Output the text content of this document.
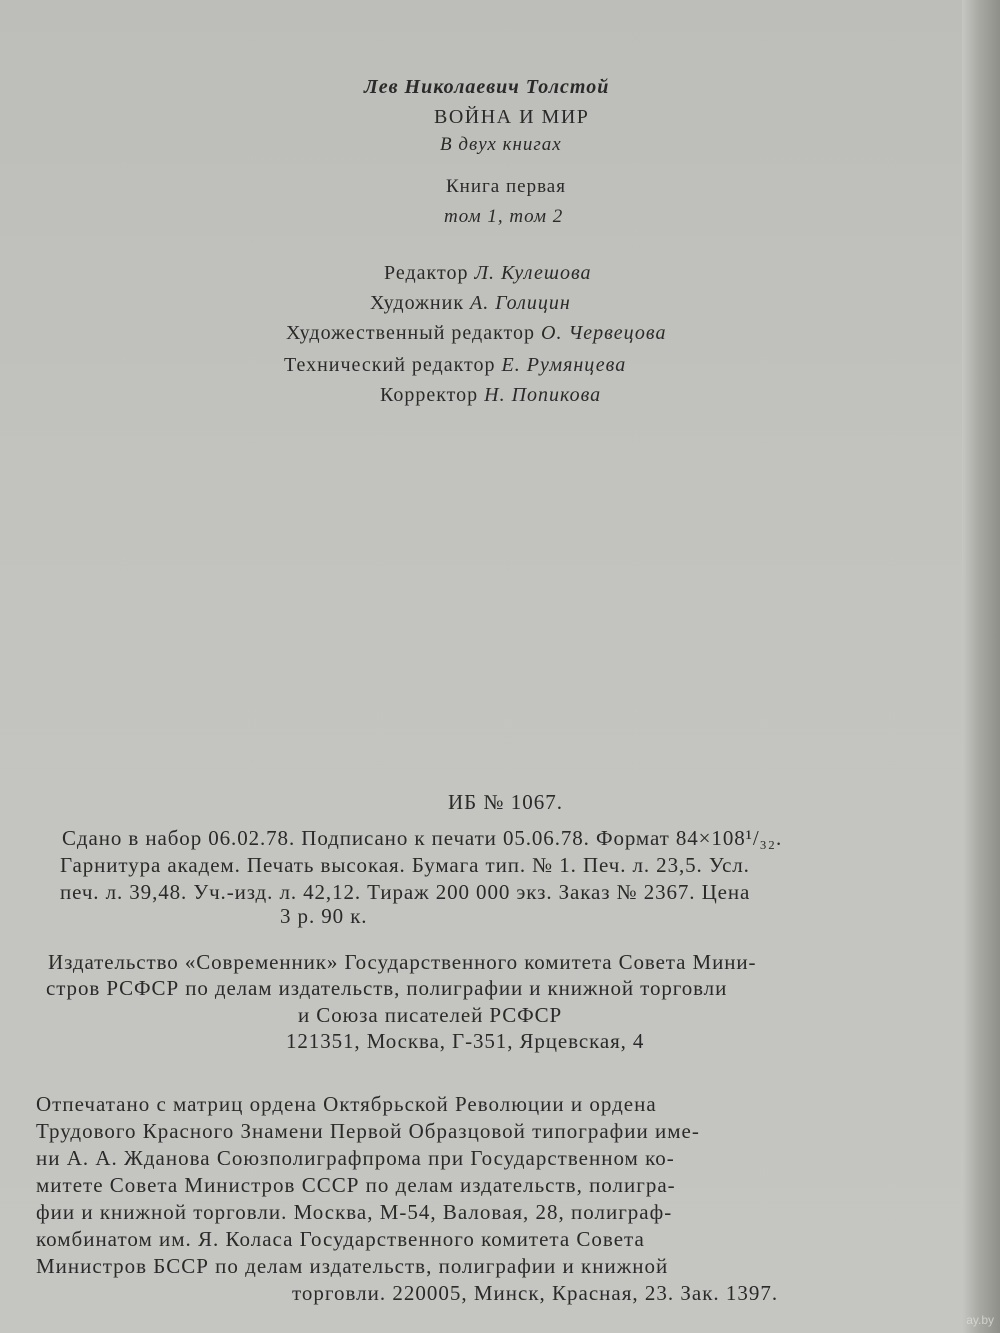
Лев Николаевич Толстой
ВОЙНА И МИР
В двух книгах
Книга первая
том 1, том 2
Редактор Л. Кулешова
Художник А. Голицин
Художественный редактор О. Червецова
Технический редактор Е. Румянцева
Корректор Н. Попикова
ИБ № 1067.
Сдано в набор 06.02.78. Подписано к печати 05.06.78. Формат 84×108¹/₃₂.
Гарнитура академ. Печать высокая. Бумага тип. № 1. Печ. л. 23,5. Усл.
печ. л. 39,48. Уч.-изд. л. 42,12. Тираж 200 000 экз. Заказ № 2367. Цена
3 р. 90 к.
Издательство «Современник» Государственного комитета Совета Мини-
стров РСФСР по делам издательств, полиграфии и книжной торговли
и Союза писателей РСФСР
121351, Москва, Г-351, Ярцевская, 4
Отпечатано с матриц ордена Октябрьской Революции и ордена
Трудового Красного Знамени Первой Образцовой типографии име-
ни А. А. Жданова Союзполиграфпрома при Государственном ко-
митете Совета Министров СССР по делам издательств, полигра-
фии и книжной торговли. Москва, М-54, Валовая, 28, полиграф-
комбинатом им. Я. Коласа Государственного комитета Совета
Министров БССР по делам издательств, полиграфии и книжной
торговли. 220005, Минск, Красная, 23. Зак. 1397.
ay.by
